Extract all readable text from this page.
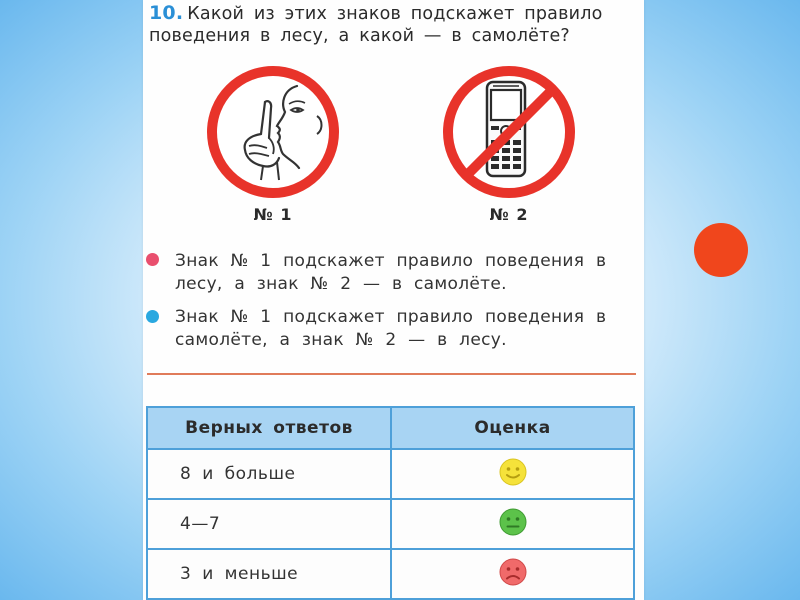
10. Какой из этих знаков подскажет правило поведения в лесу, а какой — в самолёте?
№ 1	№ 2
Знак № 1 подскажет правило поведения в лесу, а знак № 2 — в самолёте.
Знак № 1 подскажет правило поведения в самолёте, а знак № 2 — в лесу.
Верных ответов	Оценка
8 и больше	
4—7	
3 и меньше	
